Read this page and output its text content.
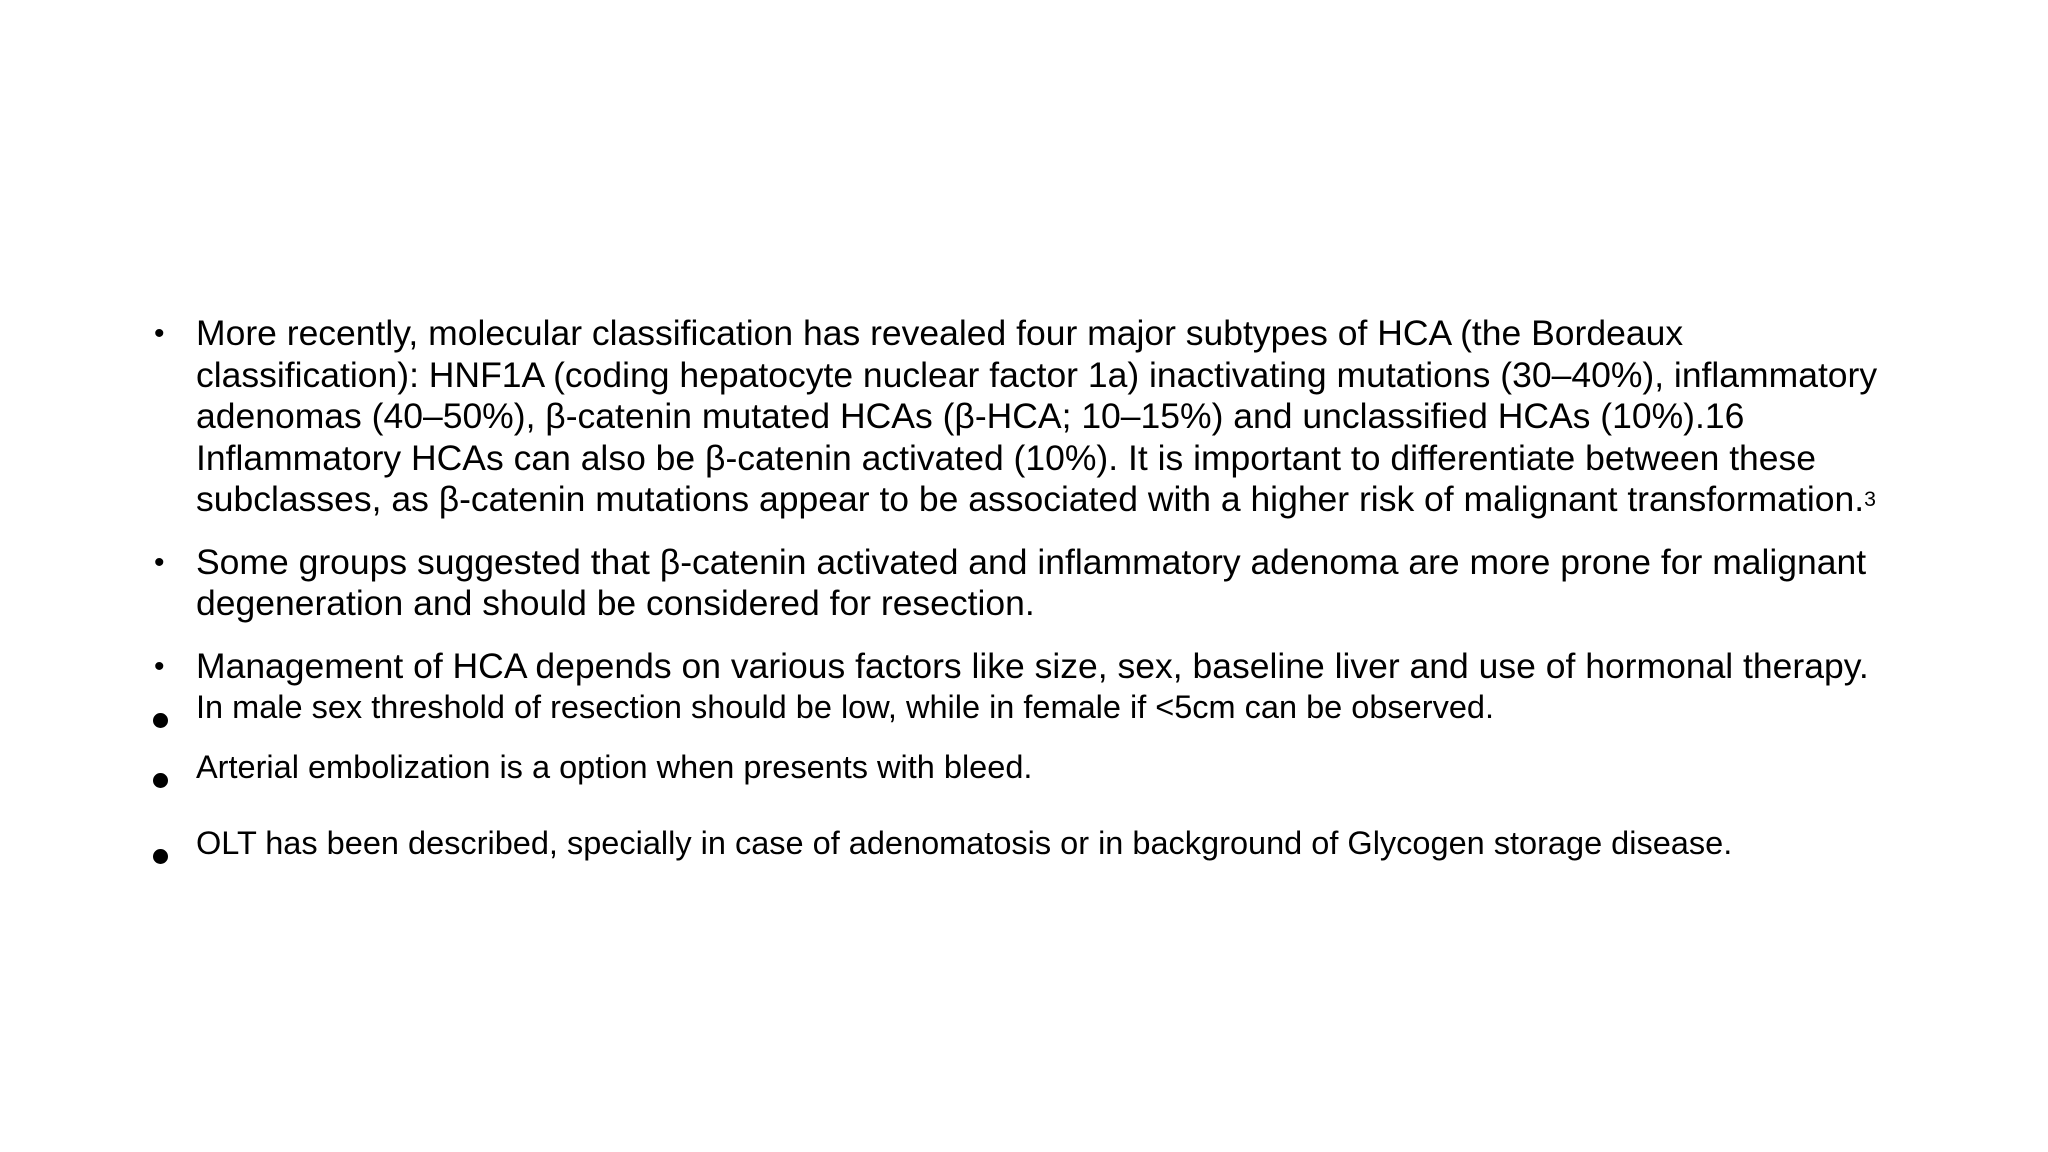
• More recently, molecular classification has revealed four major subtypes of HCA (the Bordeaux classification): HNF1A (coding hepatocyte nuclear factor 1a) inactivating mutations (30–40%), inflammatory adenomas (40–50%), β-catenin mutated HCAs (β-HCA; 10–15%) and unclassified HCAs (10%).16 Inflammatory HCAs can also be β-catenin activated (10%). It is important to differentiate between these subclasses, as β-catenin mutations appear to be associated with a higher risk of malignant transformation.$^3$
• Some groups suggested that β-catenin activated and inflammatory adenoma are more prone for malignant degeneration and should be considered for resection.
• Management of HCA depends on various factors like size, sex, baseline liver and use of hormonal therapy.
In male sex threshold of resection should be low, while in female if <5cm can be observed.
Arterial embolization is a option when presents with bleed.
OLT has been described, specially in case of adenomatosis or in background of Glycogen storage disease.
